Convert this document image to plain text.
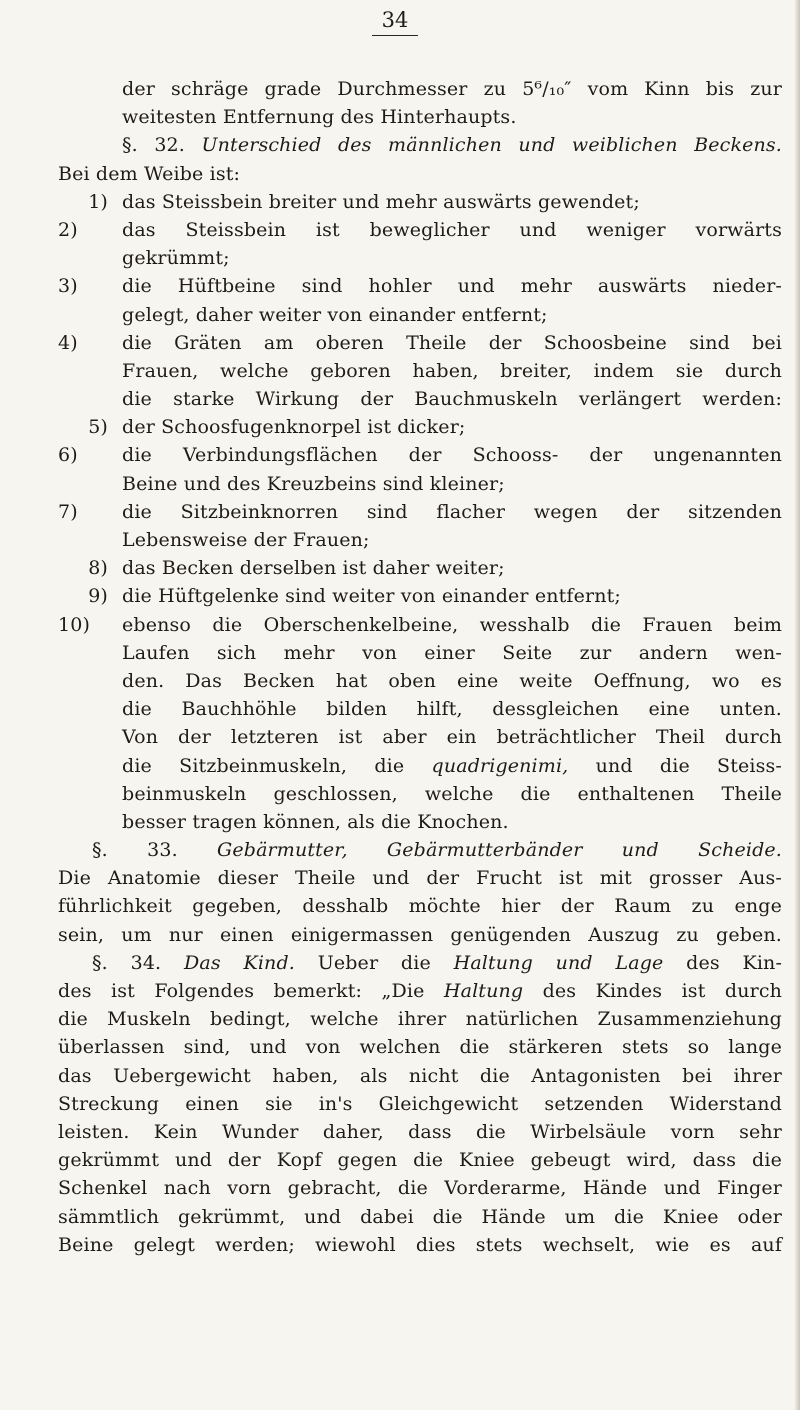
34
der schräge grade Durchmesser zu 5⁶/₁₀″ vom Kinn bis zur
weitesten Entfernung des Hinterhaupts.
§. 32. Unterschied des männlichen und weiblichen Beckens.
Bei dem Weibe ist:
1) das Steissbein breiter und mehr auswärts gewendet;
2)	das Steissbein ist beweglicher und weniger vorwärts
gekrümmt;
3)	die Hüftbeine sind hohler und mehr auswärts nieder-
gelegt, daher weiter von einander entfernt;
4)	die Gräten am oberen Theile der Schoosbeine sind bei
Frauen, welche geboren haben, breiter, indem sie durch
die starke Wirkung der Bauchmuskeln verlängert werden:
5) der Schoosfugenknorpel ist dicker;
6)	die Verbindungsflächen der Schooss- der ungenannten
Beine und des Kreuzbeins sind kleiner;
7)	die Sitzbeinknorren sind flacher wegen der sitzenden
Lebensweise der Frauen;
8) das Becken derselben ist daher weiter;
9) die Hüftgelenke sind weiter von einander entfernt;
10)	ebenso die Oberschenkelbeine, wesshalb die Frauen beim
Laufen sich mehr von einer Seite zur andern wen-
den. Das Becken hat oben eine weite Oeffnung, wo es
die Bauchhöhle bilden hilft, dessgleichen eine unten.
Von der letzteren ist aber ein beträchtlicher Theil durch
die Sitzbeinmuskeln, die quadrigenimi, und die Steiss-
beinmuskeln geschlossen, welche die enthaltenen Theile
besser tragen können, als die Knochen.
§. 33. Gebärmutter, Gebärmutterbänder und Scheide.
Die Anatomie dieser Theile und der Frucht ist mit grosser Aus-
führlichkeit gegeben, desshalb möchte hier der Raum zu enge
sein, um nur einen einigermassen genügenden Auszug zu geben.
§. 34. Das Kind. Ueber die Haltung und Lage des Kin-
des ist Folgendes bemerkt: „Die Haltung des Kindes ist durch
die Muskeln bedingt, welche ihrer natürlichen Zusammenziehung
überlassen sind, und von welchen die stärkeren stets so lange
das Uebergewicht haben, als nicht die Antagonisten bei ihrer
Streckung einen sie in's Gleichgewicht setzenden Widerstand
leisten. Kein Wunder daher, dass die Wirbelsäule vorn sehr
gekrümmt und der Kopf gegen die Kniee gebeugt wird, dass die
Schenkel nach vorn gebracht, die Vorderarme, Hände und Finger
sämmtlich gekrümmt, und dabei die Hände um die Kniee oder
Beine gelegt werden; wiewohl dies stets wechselt, wie es auf
